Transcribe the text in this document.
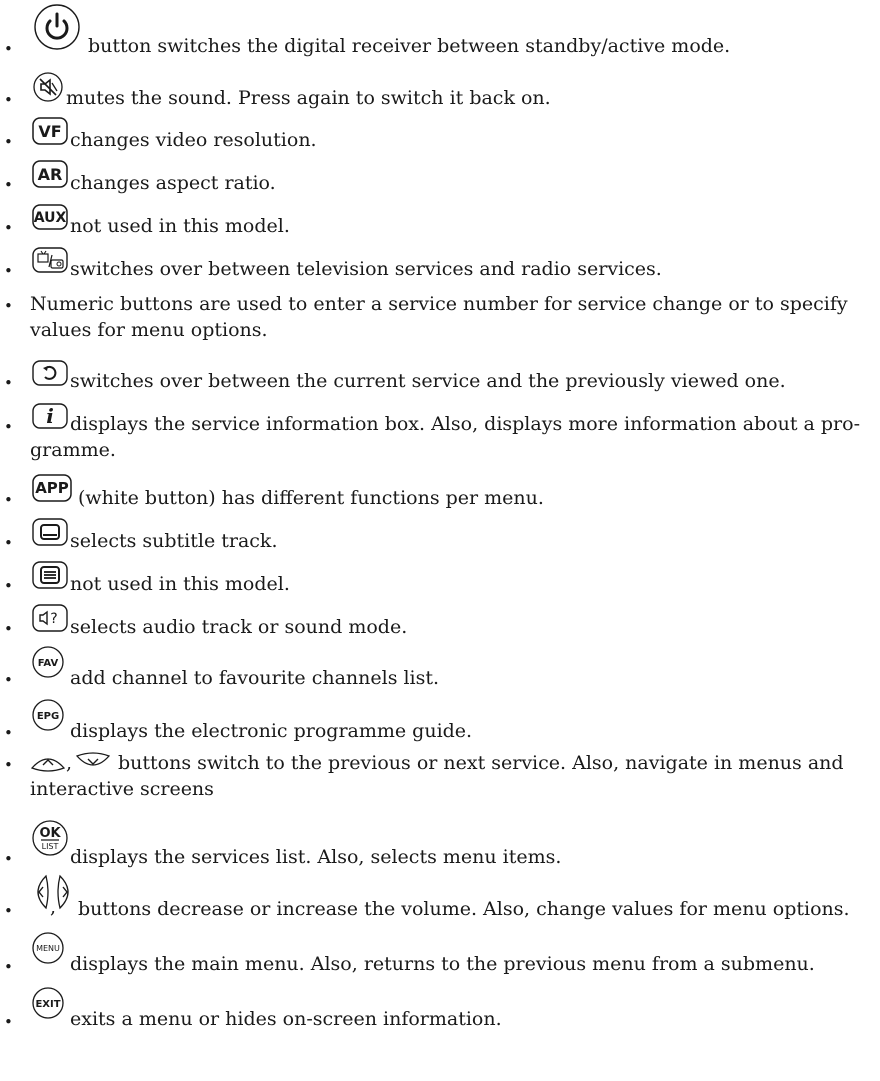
•	button switches the digital receiver between standby/active mode.
•	mutes the sound. Press again to switch it back on.
•
VF changes video resolution.
•
AR changes aspect ratio.
•
AUX not used in this model.
•	switches over between television services and radio services.
• Numeric buttons are used to enter a service number for service change or to specify values for menu options.
•	switches over between the current service and the previously viewed one.
• i displays the service information box. Also, displays more information about a pro-gramme.
•
APP (white button) has different functions per menu.
•	selects subtitle track.
•	not used in this model.
•
? selects audio track or sound mode.
•
FAV
add channel to favourite channels list.
•
EPG
displays the electronic programme guide.
•	,	buttons switch to the previous or next service. Also, navigate in menus and interactive screens
•
OK
LIST displays the services list. Also, selects menu items.
• , buttons decrease or increase the volume. Also, change values for menu options.
•
MENU
displays the main menu. Also, returns to the previous menu from a submenu.
•
EXIT
exits a menu or hides on-screen information.
